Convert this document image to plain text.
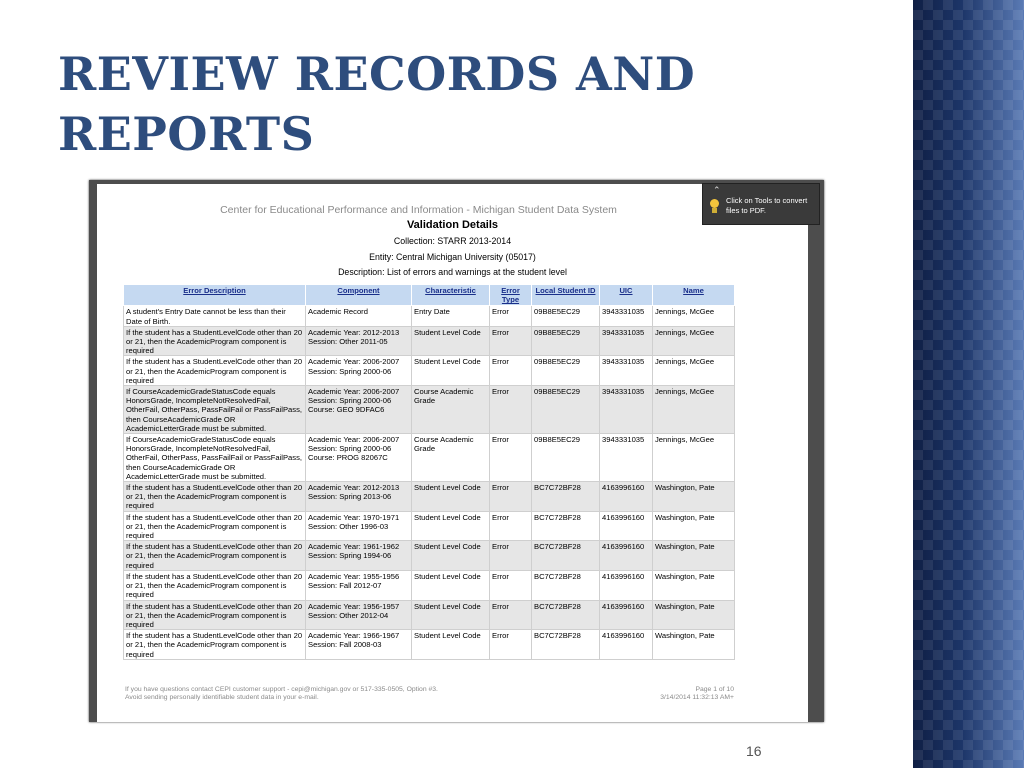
REVIEW RECORDS AND
REPORTS
Center for Educational Performance and Information - Michigan Student Data System
Validation Details
Collection: STARR 2013-2014
Entity: Central Michigan University (05017)
Description: List of errors and warnings at the student level
Error Description	Component	Characteristic	Error Type	Local Student ID	UIC	Name
A student's Entry Date cannot be less than their Date of Birth.	Academic Record	Entry Date	Error	09B8E5EC29	3943331035	Jennings, McGee
If the student has a StudentLevelCode other than 20 or 21, then the AcademicProgram component is required	Academic Year: 2012-2013
Session: Other 2011-05	Student Level Code	Error	09B8E5EC29	3943331035	Jennings, McGee
If the student has a StudentLevelCode other than 20 or 21, then the AcademicProgram component is required	Academic Year: 2006-2007
Session: Spring 2000-06	Student Level Code	Error	09B8E5EC29	3943331035	Jennings, McGee
If CourseAcademicGradeStatusCode equals HonorsGrade, IncompleteNotResolvedFail, OtherFail, OtherPass, PassFailFail or PassFailPass, then CourseAcademicGrade OR AcademicLetterGrade must be submitted.	Academic Year: 2006-2007
Session: Spring 2000-06
Course: GEO 9DFAC6	Course Academic Grade	Error	09B8E5EC29	3943331035	Jennings, McGee
If CourseAcademicGradeStatusCode equals HonorsGrade, IncompleteNotResolvedFail, OtherFail, OtherPass, PassFailFail or PassFailPass, then CourseAcademicGrade OR AcademicLetterGrade must be submitted.	Academic Year: 2006-2007
Session: Spring 2000-06
Course: PROG 82067C	Course Academic Grade	Error	09B8E5EC29	3943331035	Jennings, McGee
If the student has a StudentLevelCode other than 20 or 21, then the AcademicProgram component is required	Academic Year: 2012-2013
Session: Spring 2013-06	Student Level Code	Error	BC7C72BF28	4163996160	Washington, Pate
If the student has a StudentLevelCode other than 20 or 21, then the AcademicProgram component is required	Academic Year: 1970-1971
Session: Other 1996-03	Student Level Code	Error	BC7C72BF28	4163996160	Washington, Pate
If the student has a StudentLevelCode other than 20 or 21, then the AcademicProgram component is required	Academic Year: 1961-1962
Session: Spring 1994-06	Student Level Code	Error	BC7C72BF28	4163996160	Washington, Pate
If the student has a StudentLevelCode other than 20 or 21, then the AcademicProgram component is required	Academic Year: 1955-1956
Session: Fall 2012-07	Student Level Code	Error	BC7C72BF28	4163996160	Washington, Pate
If the student has a StudentLevelCode other than 20 or 21, then the AcademicProgram component is required	Academic Year: 1956-1957
Session: Other 2012-04	Student Level Code	Error	BC7C72BF28	4163996160	Washington, Pate
If the student has a StudentLevelCode other than 20 or 21, then the AcademicProgram component is required	Academic Year: 1966-1967
Session: Fall 2008-03	Student Level Code	Error	BC7C72BF28	4163996160	Washington, Pate
If you have questions contact CEPI customer support - cepi@michigan.gov or 517-335-0505, Option #3.
Avoid sending personally identifiable student data in your e-mail.
Page 1 of 10
3/14/2014 11:32:13 AM+
⌃
Click on Tools to convert files to PDF.
16
